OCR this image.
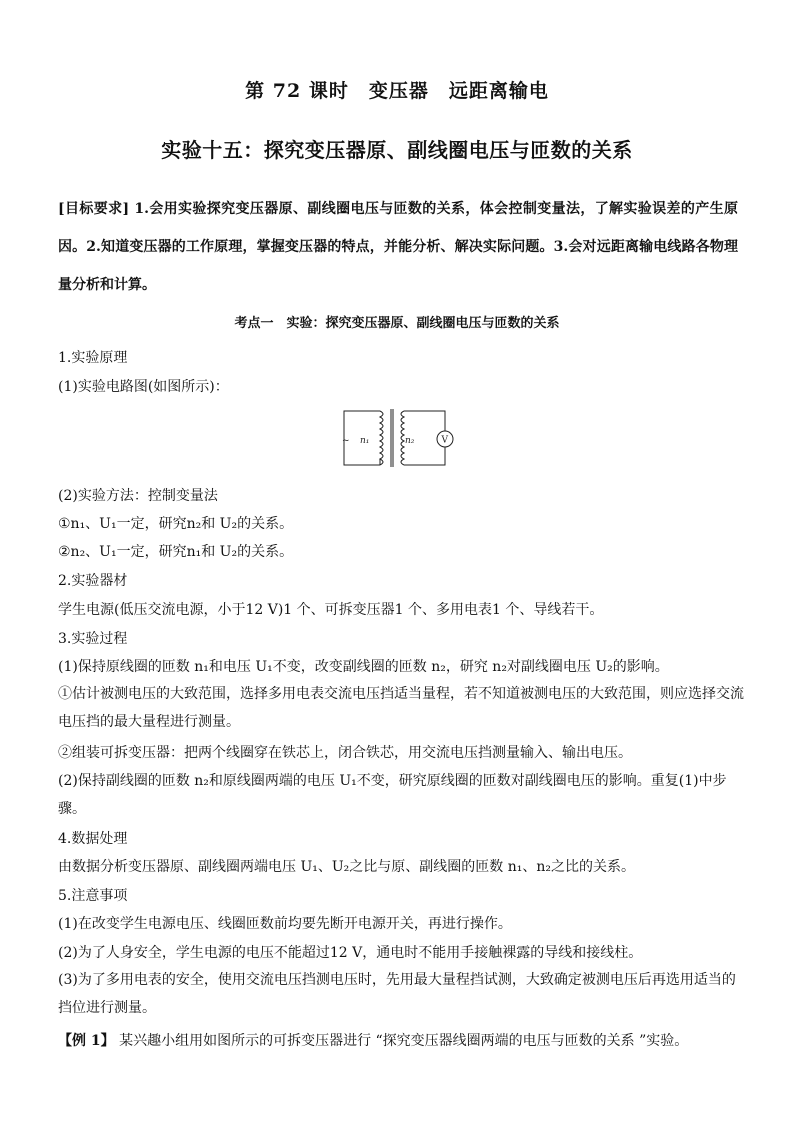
第 72 课时　变压器　远距离输电
实验十五：探究变压器原、副线圈电压与匝数的关系
[目标要求] 1.会用实验探究变压器原、副线圈电压与匝数的关系，体会控制变量法，了解实验误差的产生原因。2.知道变压器的工作原理，掌握变压器的特点，并能分析、解决实际问题。3.会对远距离输电线路各物理量分析和计算。
考点一　实验：探究变压器原、副线圈电压与匝数的关系
1.实验原理
(1)实验电路图(如图所示)：
~ n₁	n₂	V
(2)实验方法：控制变量法
①n₁、U₁一定，研究n₂和 U₂的关系。
②n₂、U₁一定，研究n₁和 U₂的关系。
2.实验器材
学生电源(低压交流电源，小于12 V)1 个、可拆变压器1 个、多用电表1 个、导线若干。
3.实验过程
(1)保持原线圈的匝数 n₁和电压 U₁不变，改变副线圈的匝数 n₂，研究 n₂对副线圈电压 U₂的影响。
①估计被测电压的大致范围，选择多用电表交流电压挡适当量程，若不知道被测电压的大致范围，则应选择交流电压挡的最大量程进行测量。
②组装可拆变压器：把两个线圈穿在铁芯上，闭合铁芯，用交流电压挡测量输入、输出电压。
(2)保持副线圈的匝数 n₂和原线圈两端的电压 U₁不变，研究原线圈的匝数对副线圈电压的影响。重复(1)中步骤。
4.数据处理
由数据分析变压器原、副线圈两端电压 U₁、U₂之比与原、副线圈的匝数 n₁、n₂之比的关系。
5.注意事项
(1)在改变学生电源电压、线圈匝数前均要先断开电源开关，再进行操作。
(2)为了人身安全，学生电源的电压不能超过12 V，通电时不能用手接触裸露的导线和接线柱。
(3)为了多用电表的安全，使用交流电压挡测电压时，先用最大量程挡试测，大致确定被测电压后再选用适当的挡位进行测量。
【例 1】 某兴趣小组用如图所示的可拆变压器进行 “探究变压器线圈两端的电压与匝数的关系 ”实验。
